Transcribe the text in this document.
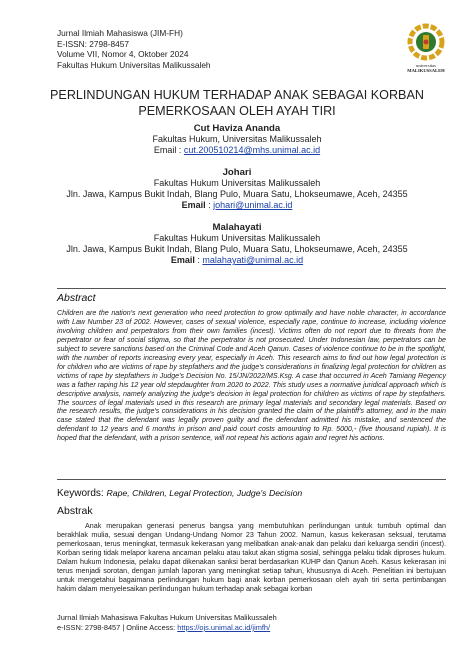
Jurnal Ilmiah Mahasiswa (JIM-FH)
E-ISSN: 2798-8457
Volume VII, Nomor 4, Oktober 2024
Fakultas Hukum Universitas Malikussaleh	universitas
MALIKUSSALEH
PERLINDUNGAN HUKUM TERHADAP ANAK SEBAGAI KORBAN
PEMERKOSAAN OLEH AYAH TIRI
Cut Haviza Ananda
Fakultas Hukum, Universitas Malikussaleh
Email : cut.200510214@mhs.unimal.ac.id
Johari
Fakultas Hukum Universitas Malikussaleh
Jln. Jawa, Kampus Bukit Indah, Blang Pulo, Muara Satu, Lhokseumawe, Aceh, 24355
Email : johari@unimal.ac.id
Malahayati
Fakultas Hukum Universitas Malikussaleh
Jln. Jawa, Kampus Bukit Indah, Blang Pulo, Muara Satu, Lhokseumawe, Aceh, 24355
Email : malahayati@unimal.ac.id
Abstract
Children are the nation's next generation who need protection to grow optimally and have noble character, in accordance with Law Number 23 of 2002. However, cases of sexual violence, especially rape, continue to increase, including violence involving children and perpetrators from their own families (incest). Victims often do not report due to threats from the perpetrator or fear of social stigma, so that the perpetrator is not prosecuted. Under Indonesian law, perpetrators can be subject to severe sanctions based on the Criminal Code and Aceh Qanun. Cases of violence continue to be in the spotlight, with the number of reports increasing every year, especially in Aceh. This research aims to find out how legal protection is for children who are victims of rape by stepfathers and the judge's considerations in finalizing legal protection for children as victims of rape by stepfathers in Judge's Decision No. 15/JN/2022/MS.Ksg. A case that occurred in Aceh Tamiang Regency was a father raping his 12 year old stepdaughter from 2020 to 2022. This study uses a normative juridical approach which is descriptive analysis, namely analyzing the judge's decision in legal protection for children as victims of rape by stepfathers. The sources of legal materials used in this research are primary legal materials and secondary legal materials. Based on the research results, the judge's considerations in his decision granted the claim of the plaintiff's attorney, and in the main case stated that the defendant was legally proven guilty and the defendant admitted his mistake, and sentenced the defendant to 12 years and 6 months in prison and paid court costs amounting to Rp. 5000,- (five thousand rupiah). It is hoped that the defendant, with a prison sentence, will not repeat his actions again and regret his actions.
Keywords: Rape, Children, Legal Protection, Judge's Decision
Abstrak
Anak merupakan generasi penerus bangsa yang membutuhkan perlindungan untuk tumbuh optimal dan berakhlak mulia, sesuai dengan Undang-Undang Nomor 23 Tahun 2002. Namun, kasus kekerasan seksual, terutama pemerkosaan, terus meningkat, termasuk kekerasan yang melibatkan anak-anak dan pelaku dari keluarga sendiri (incest). Korban sering tidak melapor karena ancaman pelaku atau takut akan stigma sosial, sehingga pelaku tidak diproses hukum. Dalam hukum Indonesia, pelaku dapat dikenakan sanksi berat berdasarkan KUHP dan Qanun Aceh. Kasus kekerasan ini terus menjadi sorotan, dengan jumlah laporan yang meningkat setiap tahun, khususnya di Aceh. Penelitian ini bertujuan untuk mengetahui bagaimana perlindungan hukum bagi anak korban pemerkosaan oleh ayah tiri serta pertimbangan hakim dalam menyelesaikan perlindungan hukum terhadap anak sebagai korban
Jurnal Ilmiah Mahasiswa Fakultas Hukum Universitas Malikussaleh
e-ISSN: 2798-8457 | Online Access: https://ojs.unimal.ac.id/jimfh/
